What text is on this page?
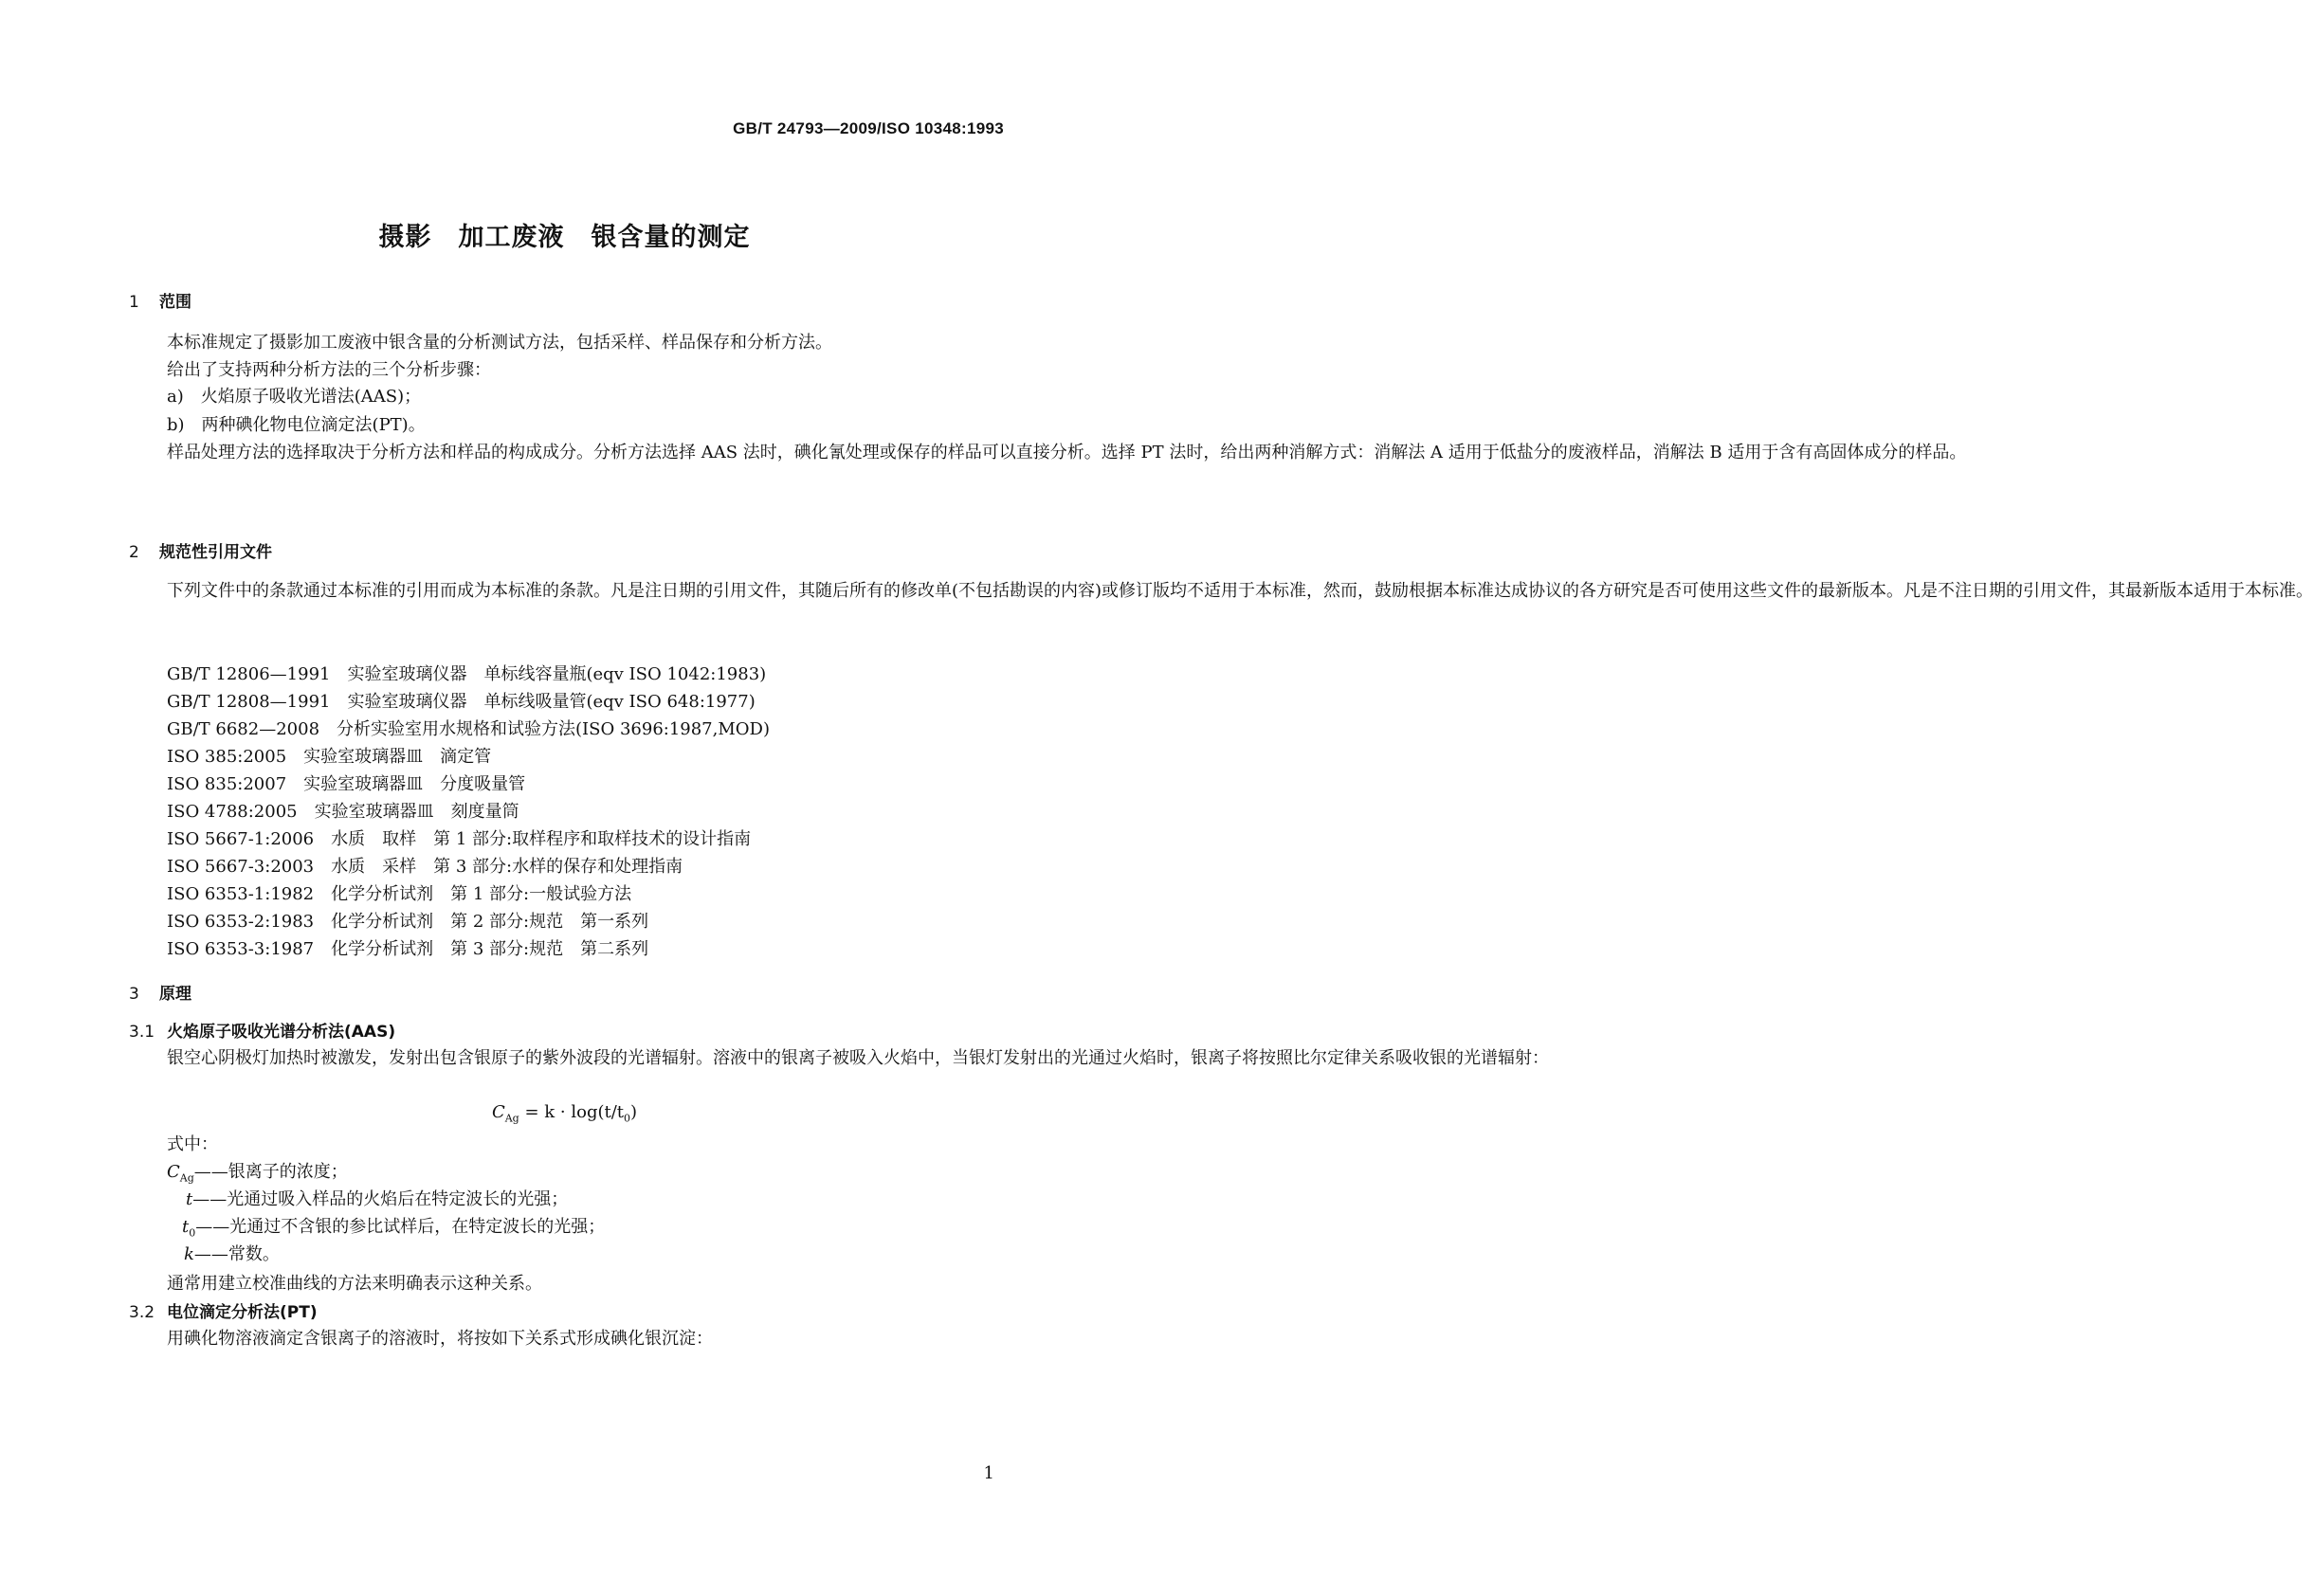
GB/T 24793—2009/ISO 10348:1993
摄影　加工废液　银含量的测定
1 范围
本标准规定了摄影加工废液中银含量的分析测试方法，包括采样、样品保存和分析方法。
给出了支持两种分析方法的三个分析步骤：
a)　火焰原子吸收光谱法(AAS)；
b)　两种碘化物电位滴定法(PT)。
样品处理方法的选择取决于分析方法和样品的构成成分。分析方法选择 AAS 法时，碘化氰处理或保存的样品可以直接分析。选择 PT 法时，给出两种消解方式：消解法 A 适用于低盐分的废液样品，消解法 B 适用于含有高固体成分的样品。
2 规范性引用文件
下列文件中的条款通过本标准的引用而成为本标准的条款。凡是注日期的引用文件，其随后所有的修改单(不包括勘误的内容)或修订版均不适用于本标准，然而，鼓励根据本标准达成协议的各方研究是否可使用这些文件的最新版本。凡是不注日期的引用文件，其最新版本适用于本标准。
GB/T 12806—1991　实验室玻璃仪器　单标线容量瓶(eqv ISO 1042:1983)
GB/T 12808—1991　实验室玻璃仪器　单标线吸量管(eqv ISO 648:1977)
GB/T 6682—2008　分析实验室用水规格和试验方法(ISO 3696:1987,MOD)
ISO 385:2005　实验室玻璃器皿　滴定管
ISO 835:2007　实验室玻璃器皿　分度吸量管
ISO 4788:2005　实验室玻璃器皿　刻度量筒
ISO 5667-1:2006　水质　取样　第 1 部分:取样程序和取样技术的设计指南
ISO 5667-3:2003　水质　采样　第 3 部分:水样的保存和处理指南
ISO 6353-1:1982　化学分析试剂　第 1 部分:一般试验方法
ISO 6353-2:1983　化学分析试剂　第 2 部分:规范　第一系列
ISO 6353-3:1987　化学分析试剂　第 3 部分:规范　第二系列
3 原理
3.1 火焰原子吸收光谱分析法(AAS)
银空心阴极灯加热时被激发，发射出包含银原子的紫外波段的光谱辐射。溶液中的银离子被吸入火焰中，当银灯发射出的光通过火焰时，银离子将按照比尔定律关系吸收银的光谱辐射：
$C_{Ag} = k \cdot \log(t/t_0)$
式中：
$C_{Ag}——$银离子的浓度；
t——光通过吸入样品的火焰后在特定波长的光强；
$t_0——$光通过不含银的参比试样后，在特定波长的光强；
k——常数。
通常用建立校准曲线的方法来明确表示这种关系。
3.2 电位滴定分析法(PT)
用碘化物溶液滴定含银离子的溶液时，将按如下关系式形成碘化银沉淀：
1
